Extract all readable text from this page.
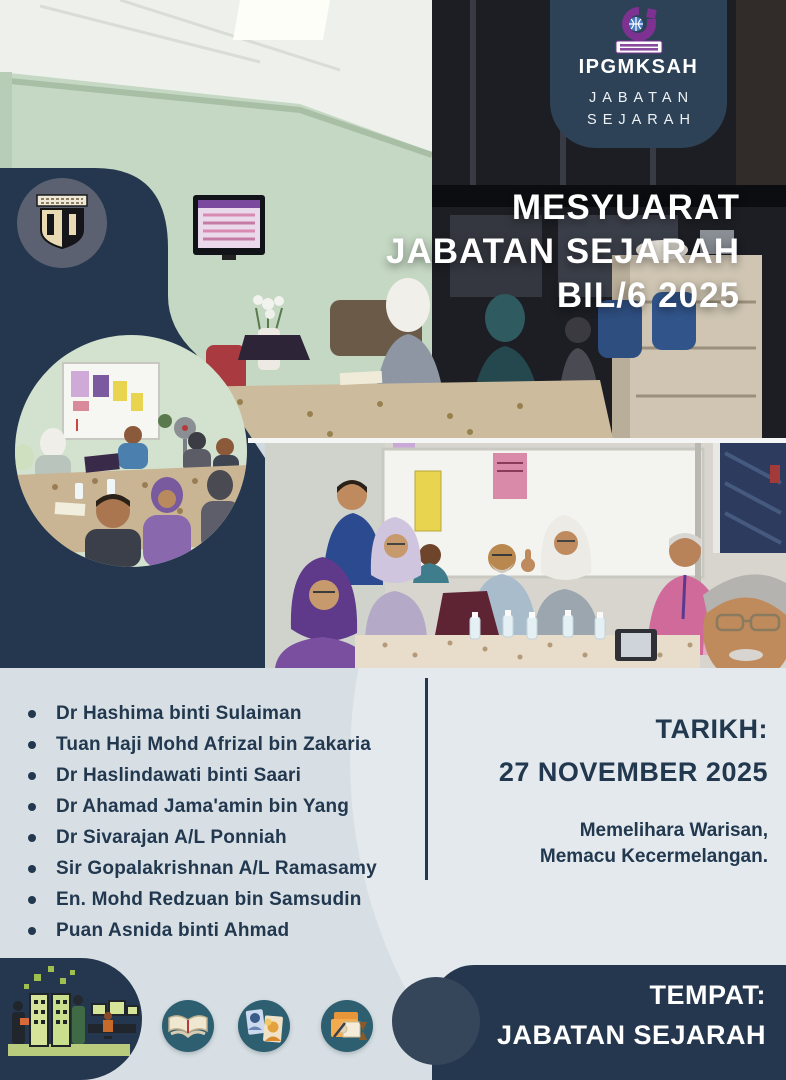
MESYUARAT
JABATAN SEJARAH
BIL/6 2025
IPGMKSAH
JABATAN
SEJARAH
Dr Hashima binti Sulaiman
Tuan Haji Mohd Afrizal bin Zakaria
Dr Haslindawati binti Saari
Dr Ahamad Jama'amin bin Yang
Dr Sivarajan A/L Ponniah
Sir Gopalakrishnan A/L Ramasamy
En. Mohd Redzuan bin Samsudin
Puan Asnida binti Ahmad
TARIKH:
27 NOVEMBER 2025
Memelihara Warisan,
Memacu Kecermelangan.
TEMPAT:
JABATAN SEJARAH
